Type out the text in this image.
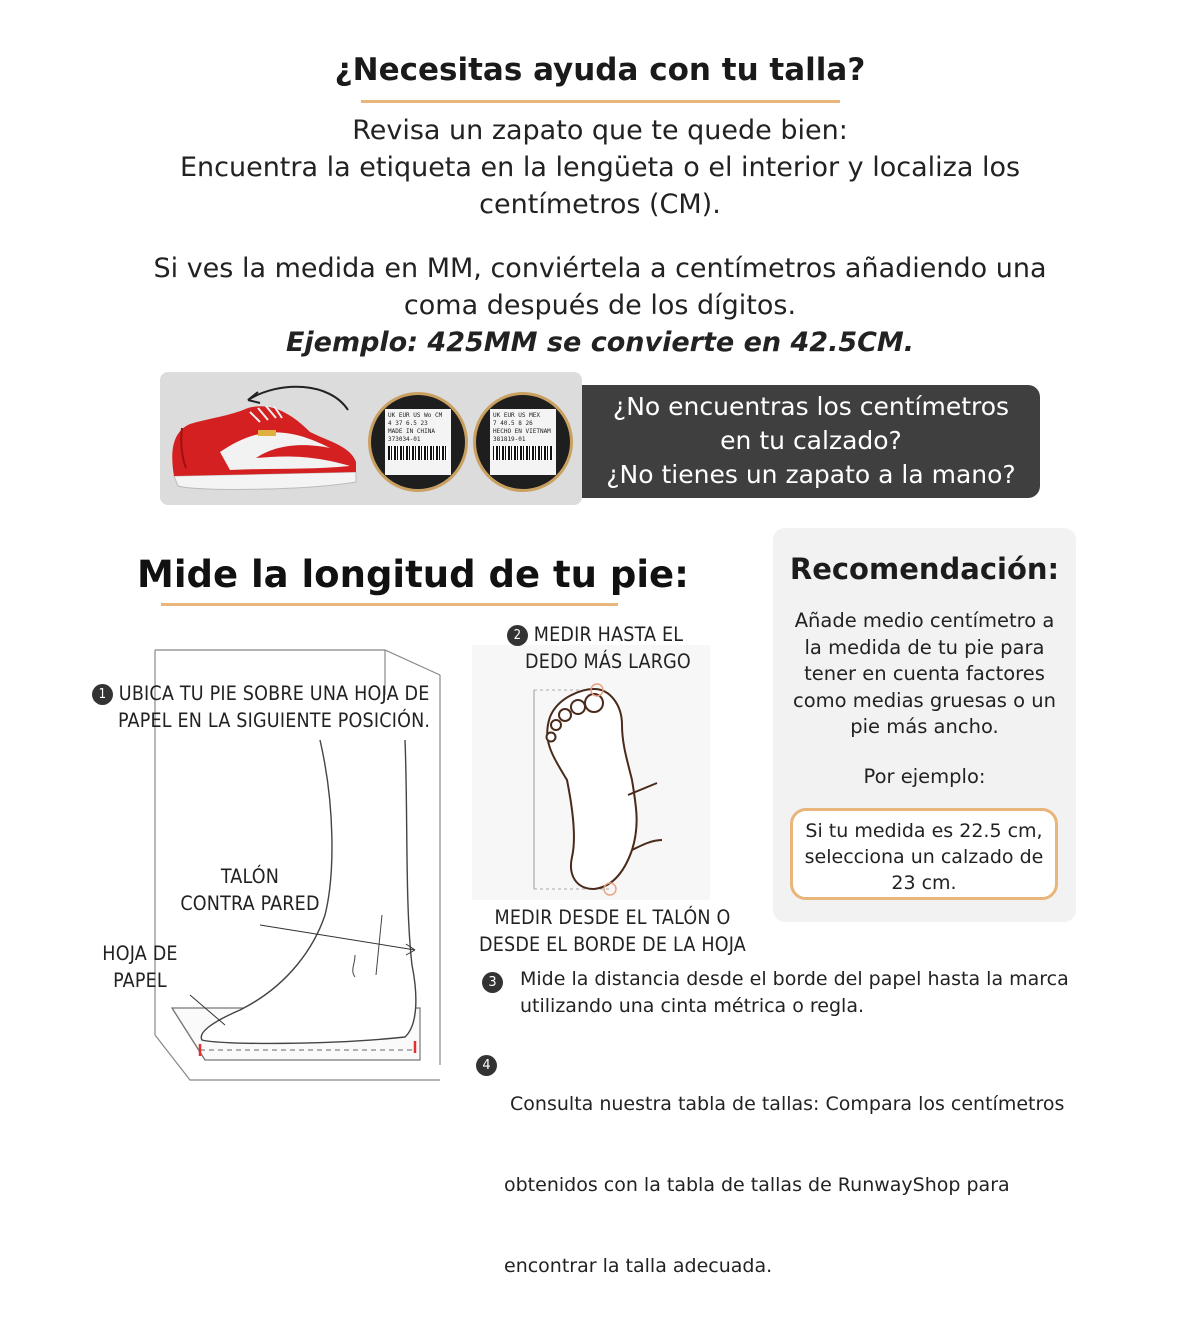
¿Necesitas ayuda con tu talla?
Revisa un zapato que te quede bien:
Encuentra la etiqueta en la lengüeta o el interior y localiza los
centímetros (CM).
Si ves la medida en MM, conviértela a centímetros añadiendo una
coma después de los dígitos.
Ejemplo: 425MM se convierte en 42.5CM.
UK EUR US Wo CM
4 37 6.5 23
MADE IN CHINA
373034-01
UK EUR US MEX
7 40.5 8 26
HECHO EN VIETNAM
381819-01
¿No encuentras los centímetros
en tu calzado?
¿No tienes un zapato a la mano?
Mide la longitud de tu pie:
1 UBICA TU PIE SOBRE UNA HOJA DE
PAPEL EN LA SIGUIENTE POSICIÓN.
TALÓN
CONTRA PARED
HOJA DE
PAPEL
2 MEDIR HASTA EL
DEDO MÁS LARGO
MEDIR DESDE EL TALÓN O
DESDE EL BORDE DE LA HOJA
3	Mide la distancia desde el borde del papel hasta la marca
utilizando una cinta métrica o regla.
4

Consulta nuestra tabla de tallas: Compara los centímetros

obtenidos con la tabla de tallas de RunwayShop para

encontrar la talla adecuada.

Recomendación:
Añade medio centímetro a
la medida de tu pie para
tener en cuenta factores
como medias gruesas o un
pie más ancho.
Por ejemplo:
Si tu medida es 22.5 cm,
selecciona un calzado de
23 cm.
